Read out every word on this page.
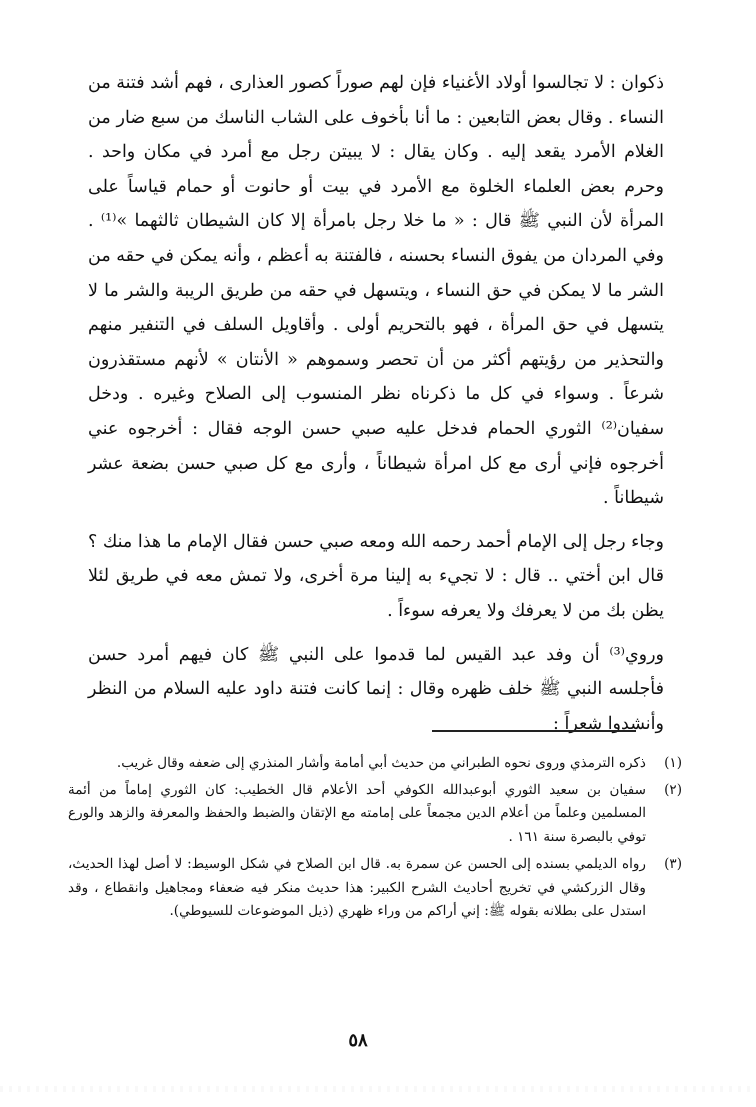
ذكوان : لا تجالسوا أولاد الأغنياء فإن لهم صوراً كصور العذارى ، فهم أشد فتنة من النساء . وقال بعض التابعين : ما أنا بأخوف على الشاب الناسك من سبع ضار من الغلام الأمرد يقعد إليه . وكان يقال : لا يبيتن رجل مع أمرد في مكان واحد . وحرم بعض العلماء الخلوة مع الأمرد في بيت أو حانوت أو حمام قياساً على المرأة لأن النبي ﷺ قال : « ما خلا رجل بامرأة إلا كان الشيطان ثالثهما »⁽¹⁾ . وفي المردان من يفوق النساء بحسنه ، فالفتنة به أعظم ، وأنه يمكن في حقه من الشر ما لا يمكن في حق النساء ، ويتسهل في حقه من طريق الريبة والشر ما لا يتسهل في حق المرأة ، فهو بالتحريم أولى . وأقاويل السلف في التنفير منهم والتحذير من رؤيتهم أكثر من أن تحصر وسموهم « الأنتان » لأنهم مستقذرون شرعاً . وسواء في كل ما ذكرناه نظر المنسوب إلى الصلاح وغيره . ودخل سفيان⁽²⁾ الثوري الحمام فدخل عليه صبي حسن الوجه فقال : أخرجوه عني أخرجوه فإني أرى مع كل امرأة شيطاناً ، وأرى مع كل صبي حسن بضعة عشر شيطاناً .

وجاء رجل إلى الإمام أحمد رحمه الله ومعه صبي حسن فقال الإمام ما هذا منك ؟ قال ابن أختي .. قال : لا تجيء به إلينا مرة أخرى، ولا تمش معه في طريق لئلا يظن بك من لا يعرفك ولا يعرفه سوءاً .

وروي⁽³⁾ أن وفد عبد القيس لما قدموا على النبي ﷺ كان فيهم أمرد حسن فأجلسه النبي ﷺ خلف ظهره وقال : إنما كانت فتنة داود عليه السلام من النظر وأنشدوا شعراً :

(١)
ذكره الترمذي وروى نحوه الطبراني من حديث أبي أمامة وأشار المنذري إلى ضعفه وقال غريب.
(٢)
سفيان بن سعيد الثوري أبوعبدالله الكوفي أحد الأعلام قال الخطيب: كان الثوري إماماً من أئمة المسلمين وعلماً من أعلام الدين مجمعاً على إمامته مع الإتقان والضبط والحفظ والمعرفة والزهد والورع توفي بالبصرة سنة ١٦١ .
(٣)
رواه الديلمي بسنده إلى الحسن عن سمرة به. قال ابن الصلاح في شكل الوسيط: لا أصل لهذا الحديث، وقال الزركشي في تخريج أحاديث الشرح الكبير: هذا حديث منكر فيه ضعفاء ومجاهيل وانقطاع ، وقد استدل على بطلانه بقوله ﷺ: إني أراكم من وراء ظهري (ذيل الموضوعات للسيوطي).
٥٨
